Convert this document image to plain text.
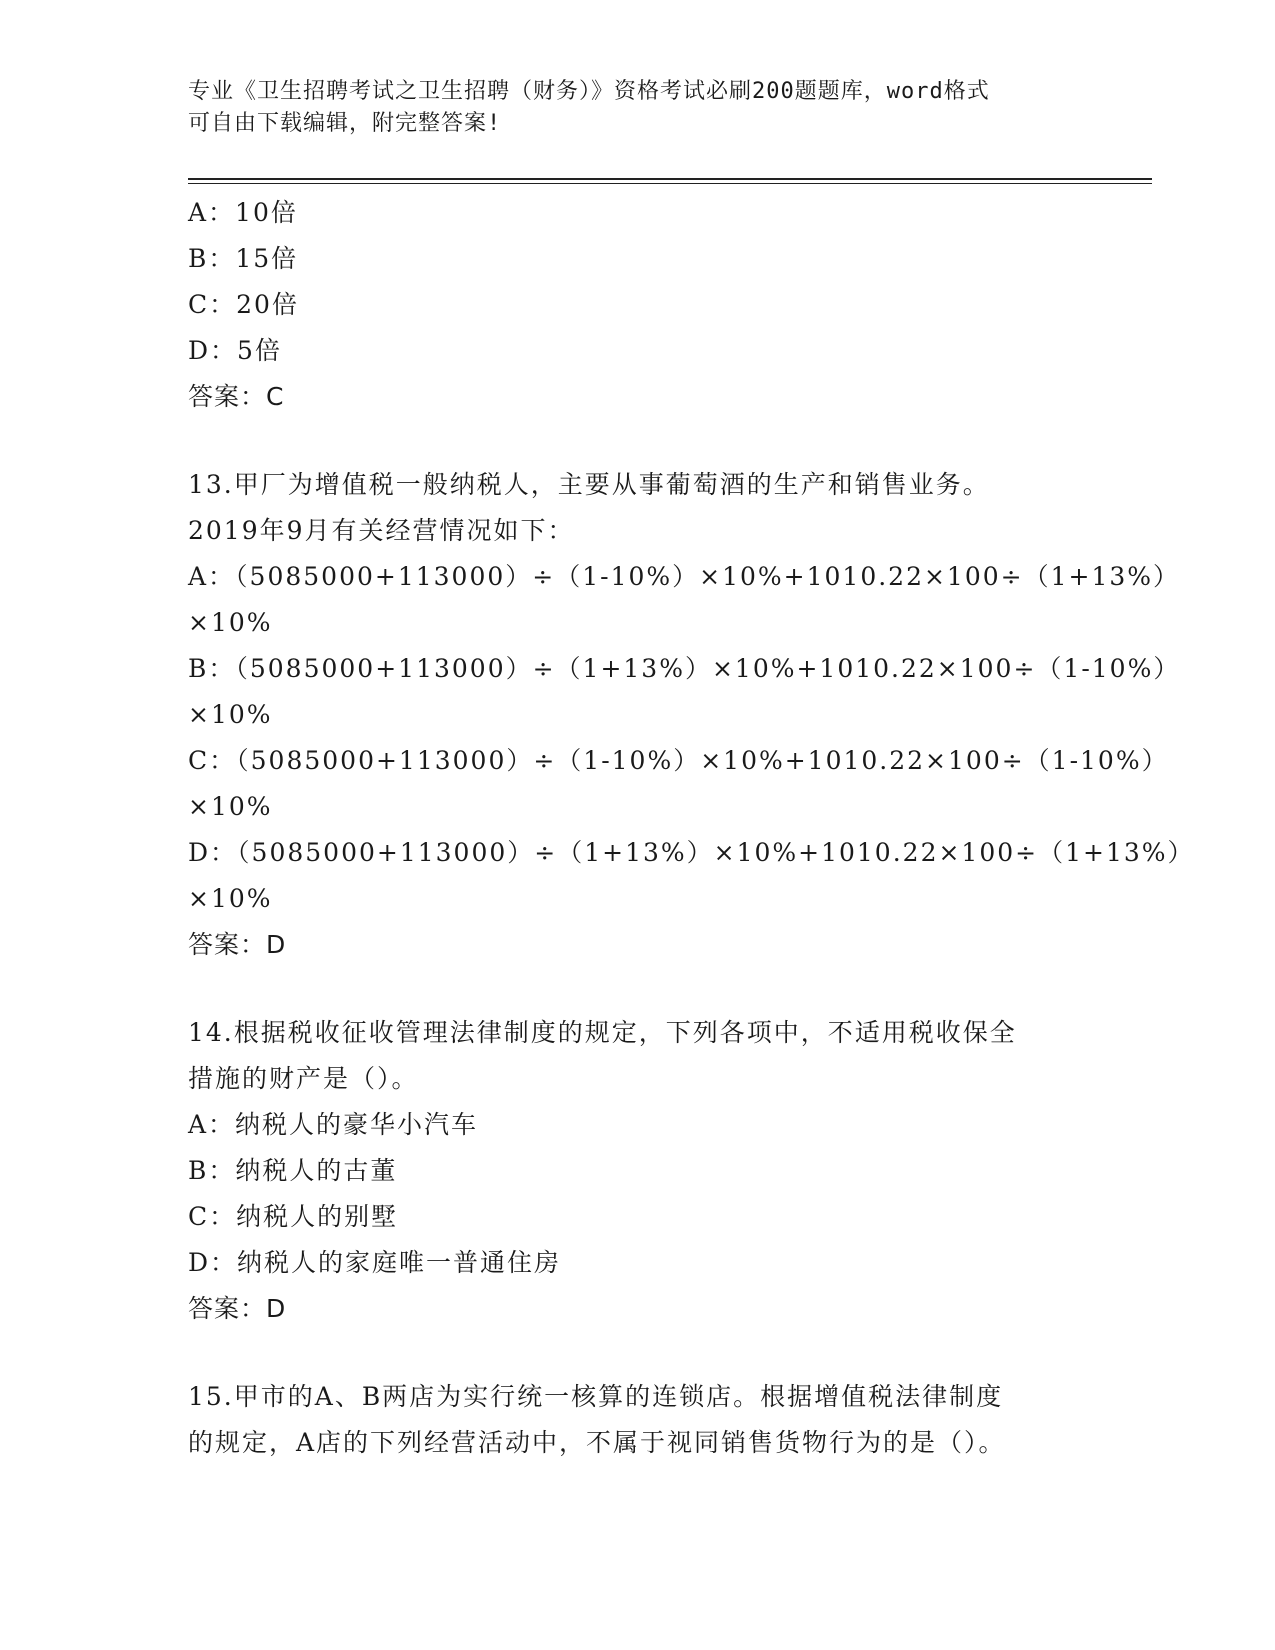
专业《卫生招聘考试之卫生招聘（财务）》资格考试必刷200题题库，word格式
可自由下载编辑，附完整答案!
A：10倍
B：15倍
C：20倍
D：5倍
答案：C
13.甲厂为增值税一般纳税人，主要从事葡萄酒的生产和销售业务。
2019年9月有关经营情况如下：
A：（5085000+113000）÷（1-10%）×10%+1010.22×100÷（1+13%）
×10%
B：（5085000+113000）÷（1+13%）×10%+1010.22×100÷（1-10%）
×10%
C：（5085000+113000）÷（1-10%）×10%+1010.22×100÷（1-10%）
×10%
D：（5085000+113000）÷（1+13%）×10%+1010.22×100÷（1+13%）
×10%
答案：D
14.根据税收征收管理法律制度的规定，下列各项中，不适用税收保全
措施的财产是（）。
A：纳税人的豪华小汽车
B：纳税人的古董
C：纳税人的别墅
D：纳税人的家庭唯一普通住房
答案：D
15.甲市的A、B两店为实行统一核算的连锁店。根据增值税法律制度
的规定，A店的下列经营活动中，不属于视同销售货物行为的是（）。
